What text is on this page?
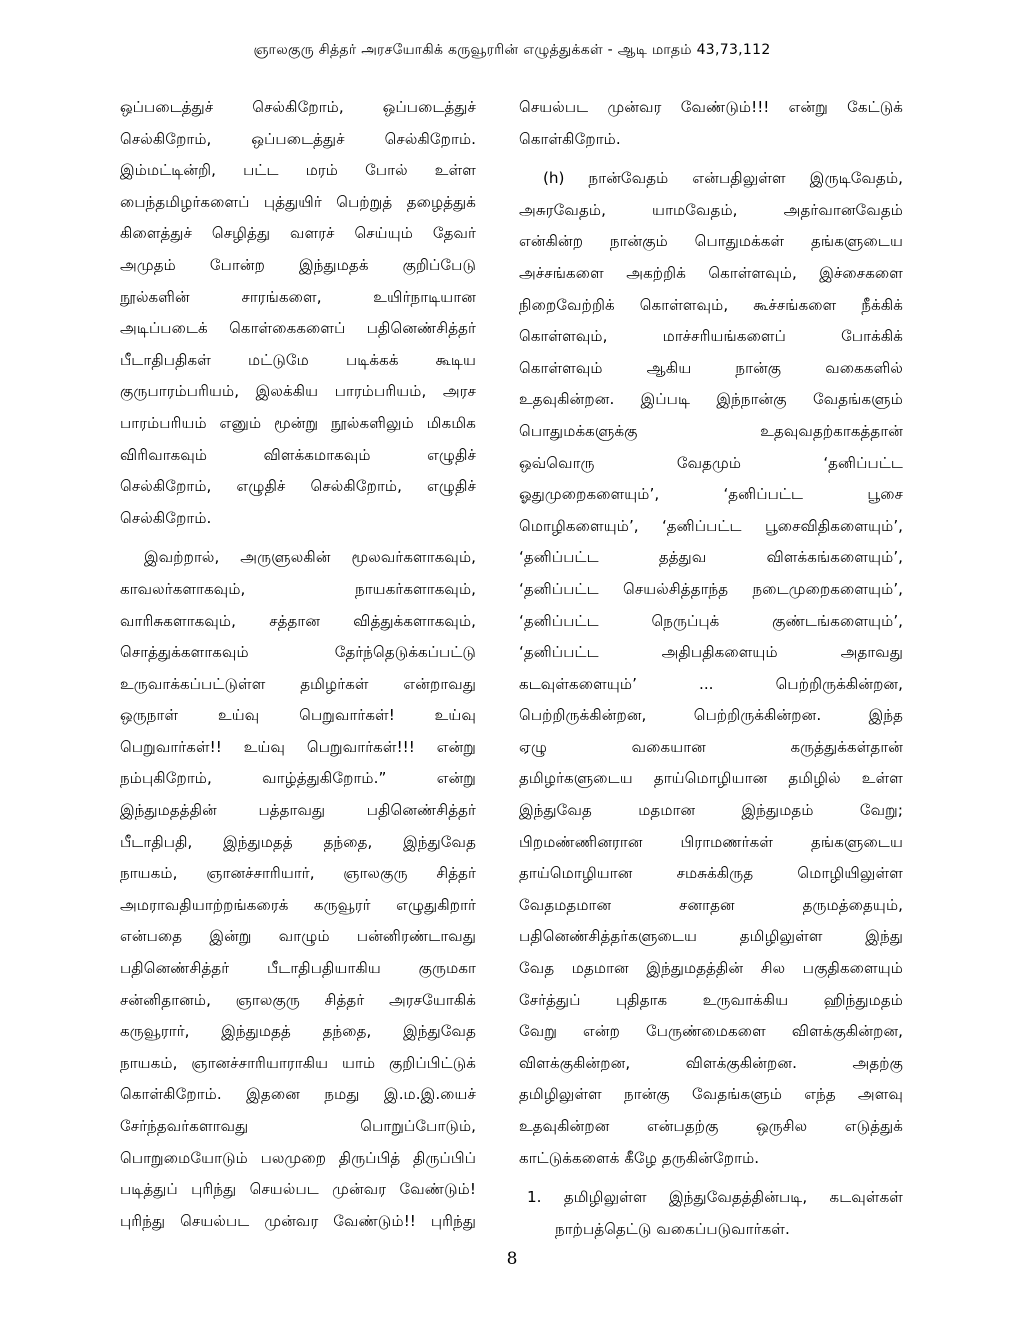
ஞாலகுரு சித்தர் அரசயோகிக் கருவூரரின் எழுத்துக்கள் - ஆடி மாதம் 43,73,112
ஒப்படைத்துச் செல்கிறோம், ஒப்படைத்துச்
செல்கிறோம், ஒப்படைத்துச் செல்கிறோம்.
இம்மட்டின்றி, பட்ட மரம் போல் உள்ள
பைந்தமிழர்களைப் புத்துயிர் பெற்றுத் தழைத்துக்
கிளைத்துச் செழித்து வளரச் செய்யும் தேவர்
அமுதம் போன்ற இந்துமதக் குறிப்பேடு
நூல்களின் சாரங்களை, உயிர்நாடியான
அடிப்படைக் கொள்கைகளைப் பதினெண்சித்தர்
பீடாதிபதிகள் மட்டுமே படிக்கக் கூடிய
குருபாரம்பரியம், இலக்கிய பாரம்பரியம், அரச
பாரம்பரியம் எனும் மூன்று நூல்களிலும் மிகமிக
விரிவாகவும் விளக்கமாகவும் எழுதிச்
செல்கிறோம், எழுதிச் செல்கிறோம், எழுதிச்
செல்கிறோம்.
இவற்றால், அருளுலகின் மூலவர்களாகவும்,
காவலர்களாகவும், நாயகர்களாகவும்,
வாரிசுகளாகவும், சத்தான வித்துக்களாகவும்,
சொத்துக்களாகவும் தேர்ந்தெடுக்கப்பட்டு
உருவாக்கப்பட்டுள்ள தமிழர்கள் என்றாவது
ஒருநாள் உய்வு பெறுவார்கள்! உய்வு
பெறுவார்கள்!! உய்வு பெறுவார்கள்!!! என்று
நம்புகிறோம், வாழ்த்துகிறோம்.” என்று
இந்துமதத்தின் பத்தாவது பதினெண்சித்தர்
பீடாதிபதி, இந்துமதத் தந்தை, இந்துவேத
நாயகம், ஞானச்சாரியார், ஞாலகுரு சித்தர்
அமராவதியாற்றங்கரைக் கருவூரர் எழுதுகிறார்
என்பதை இன்று வாழும் பன்னிரண்டாவது
பதினெண்சித்தர் பீடாதிபதியாகிய குருமகா
சன்னிதானம், ஞாலகுரு சித்தர் அரசயோகிக்
கருவூரார், இந்துமதத் தந்தை, இந்துவேத
நாயகம், ஞானச்சாரியாராகிய யாம் குறிப்பிட்டுக்
கொள்கிறோம். இதனை நமது இ.ம.இ.யைச்
சேர்ந்தவர்களாவது பொறுப்போடும்,
பொறுமையோடும் பலமுறை திருப்பித் திருப்பிப்
படித்துப் புரிந்து செயல்பட முன்வர வேண்டும்!
புரிந்து செயல்பட முன்வர வேண்டும்!! புரிந்து
செயல்பட முன்வர வேண்டும்!!! என்று கேட்டுக்
கொள்கிறோம்.
(h) நான்வேதம் என்பதிலுள்ள இருடிவேதம்,
அசுரவேதம், யாமவேதம், அதர்வானவேதம்
என்கின்ற நான்கும் பொதுமக்கள் தங்களுடைய
அச்சங்களை அகற்றிக் கொள்ளவும், இச்சைகளை
நிறைவேற்றிக் கொள்ளவும், கூச்சங்களை நீக்கிக்
கொள்ளவும், மாச்சரியங்களைப் போக்கிக்
கொள்ளவும் ஆகிய நான்கு வகைகளில்
உதவுகின்றன. இப்படி இந்நான்கு வேதங்களும்
பொதுமக்களுக்கு உதவுவதற்காகத்தான்
ஒவ்வொரு வேதமும் ‘தனிப்பட்ட
ஓதுமுறைகளையும்’, ‘தனிப்பட்ட பூசை
மொழிகளையும்’, ‘தனிப்பட்ட பூசைவிதிகளையும்’,
‘தனிப்பட்ட தத்துவ விளக்கங்களையும்’,
‘தனிப்பட்ட செயல்சித்தாந்த நடைமுறைகளையும்’,
‘தனிப்பட்ட நெருப்புக் குண்டங்களையும்’,
‘தனிப்பட்ட அதிபதிகளையும் அதாவது
கடவுள்களையும்’ ... பெற்றிருக்கின்றன,
பெற்றிருக்கின்றன, பெற்றிருக்கின்றன. இந்த
ஏழு வகையான கருத்துக்கள்தான்
தமிழர்களுடைய தாய்மொழியான தமிழில் உள்ள
இந்துவேத மதமான இந்துமதம் வேறு;
பிறமண்ணினரான பிராமணர்கள் தங்களுடைய
தாய்மொழியான சமசுக்கிருத மொழியிலுள்ள
வேதமதமான சனாதன தருமத்தையும்,
பதினெண்சித்தர்களுடைய தமிழிலுள்ள இந்து
வேத மதமான இந்துமதத்தின் சில பகுதிகளையும்
சேர்த்துப் புதிதாக உருவாக்கிய ஹிந்துமதம்
வேறு என்ற பேருண்மைகளை விளக்குகின்றன,
விளக்குகின்றன, விளக்குகின்றன. அதற்கு
தமிழிலுள்ள நான்கு வேதங்களும் எந்த அளவு
உதவுகின்றன என்பதற்கு ஒருசில எடுத்துக்
காட்டுக்களைக் கீழே தருகின்றோம்.
1. தமிழிலுள்ள இந்துவேதத்தின்படி, கடவுள்கள்
நாற்பத்தெட்டு வகைப்படுவார்கள்.
8
